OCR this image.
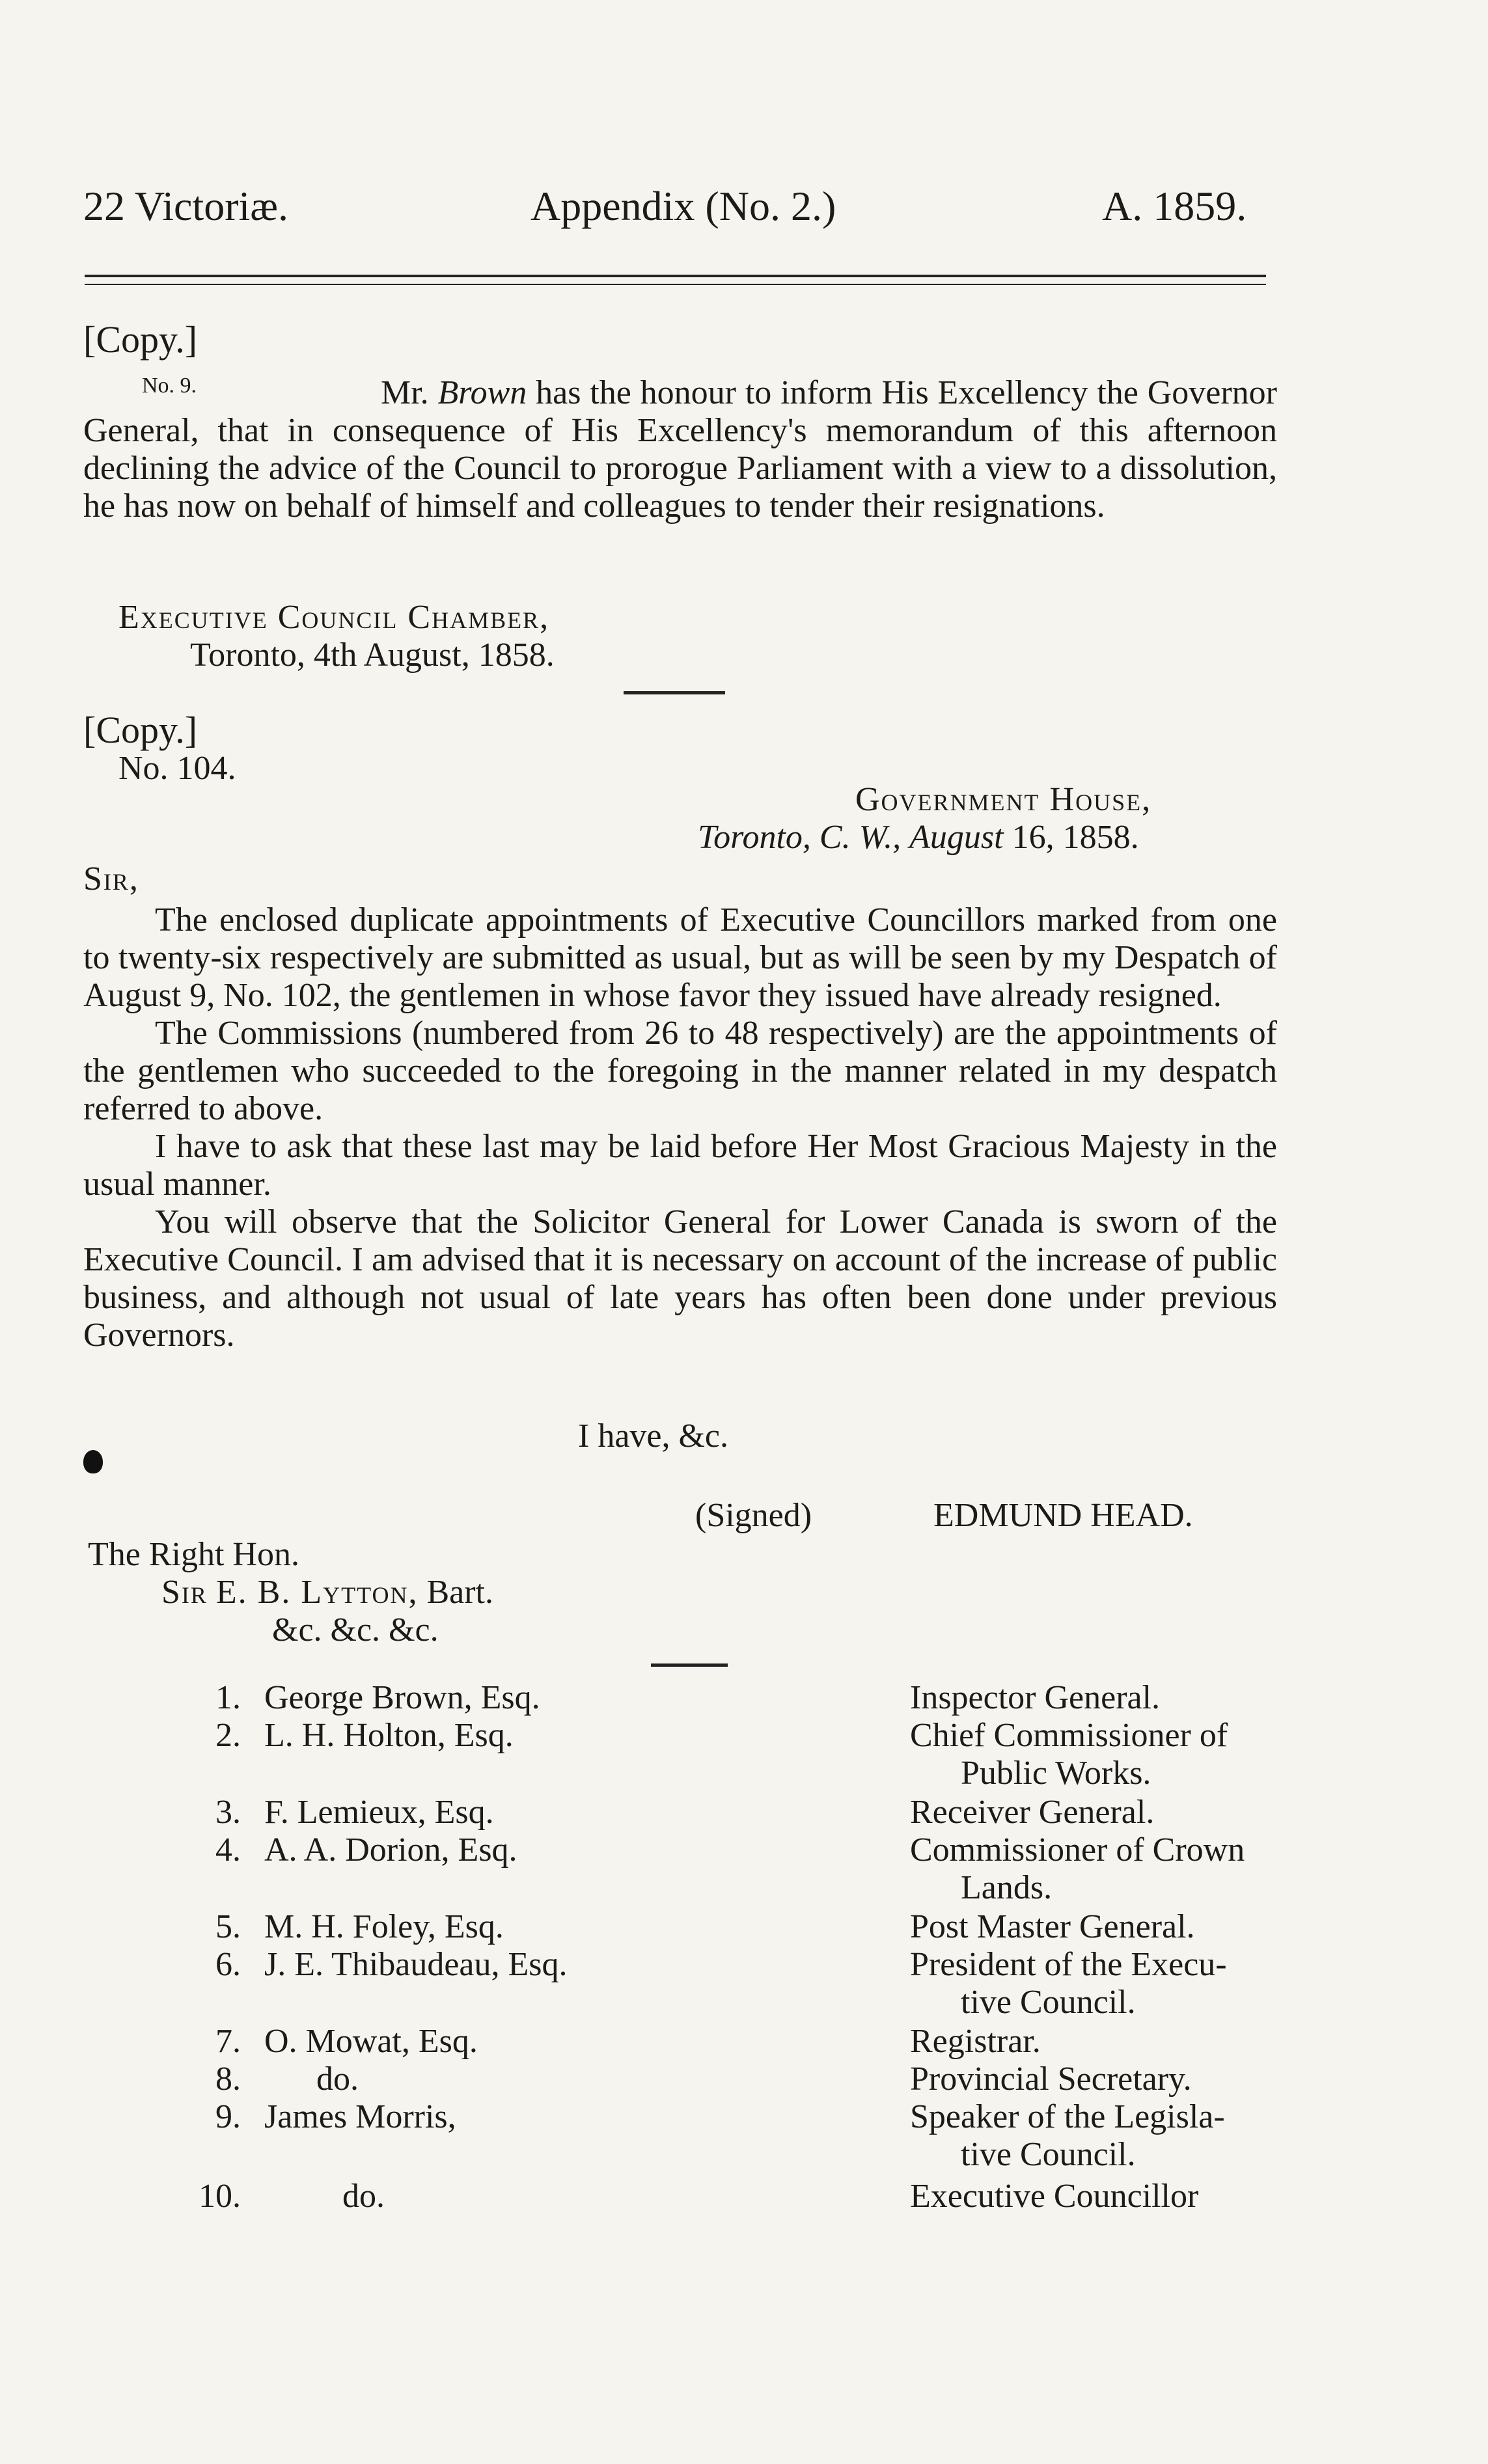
22 Victoriæ.	Appendix (No. 2.)	A. 1859.
[Copy.]
No. 9.	Mr. Brown has the honour to inform His Excellency the Governor General, that in consequence of His Excellency's memorandum of this afternoon declining the advice of the Council to prorogue Parliament with a view to a dissolution, he has now on behalf of himself and colleagues to tender their resignations.

Executive Council Chamber,
Toronto, 4th August, 1858.
[Copy.]
No. 104.
Government House,
Toronto, C. W., August 16, 1858.
Sir,

The enclosed duplicate appointments of Executive Councillors marked from one to twenty-six respectively are submitted as usual, but as will be seen by my Despatch of August 9, No. 102, the gentlemen in whose favor they issued have already resigned.

The Commissions (numbered from 26 to 48 respectively) are the appointments of the gentlemen who succeeded to the foregoing in the manner related in my despatch referred to above.

I have to ask that these last may be laid before Her Most Gracious Majesty in the usual manner.

You will observe that the Solicitor General for Lower Canada is sworn of the Executive Council. I am advised that it is necessary on account of the increase of public business, and although not usual of late years has often been done under previous Governors.

I have, &c.
(Signed)	EDMUND HEAD.
The Right Hon.
Sir E. B. Lytton, Bart.
&c. &c. &c.
1. George Brown, Esq.	Inspector General.
2. L. H. Holton, Esq.	Chief Commissioner of
Public Works.
3. F. Lemieux, Esq.	Receiver General.
4. A. A. Dorion, Esq.	Commissioner of Crown
Lands.
5. M. H. Foley, Esq.	Post Master General.
6. J. E. Thibaudeau, Esq.	President of the Execu-
tive Council.
7. O. Mowat, Esq.	Registrar.
8. do.	Provincial Secretary.
9. James Morris,	Speaker of the Legisla-
tive Council.
10.	do.	Executive Councillor
